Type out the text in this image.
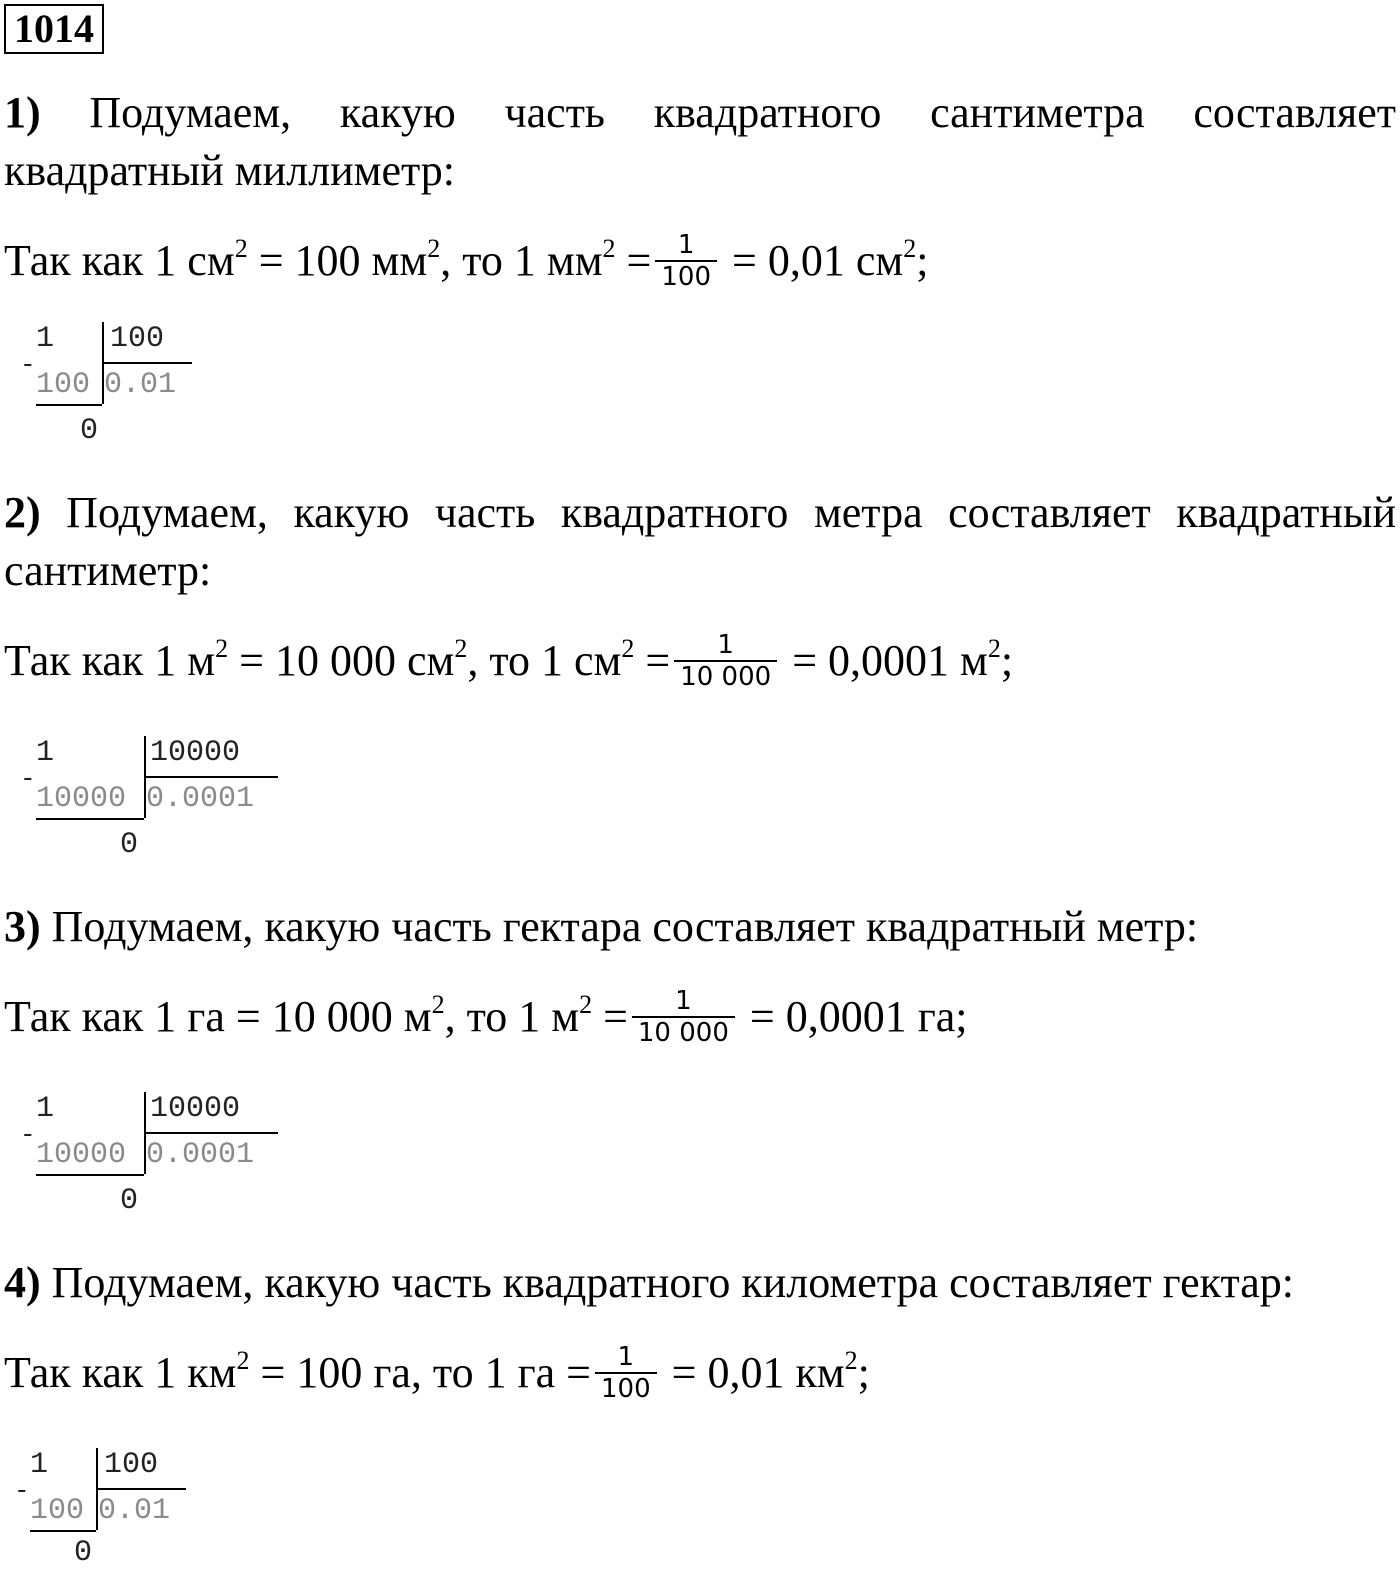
1014
1) Подумаем, какую часть квадратного сантиметра составляет квадратный миллиметр:
Так как 1 $см^2 = 100$ $мм^2$, то 1 $мм^2 = \frac{1}{100} = 0,01$ $см^2$;
1
-
100
100
0.01
0
2) Подумаем, какую часть квадратного метра составляет квадратный сантиметр:
Так как 1 $м^2 = 10$ 000 $см^2$, то 1 $см^2 = \frac{1}{10 000} = 0,0001$ $м^2$;
1
-
10000
10000
0.0001
0
3) Подумаем, какую часть гектара составляет квадратный метр:
Так как 1 га = 10 000 $м^2$, то 1 $м^2 = \frac{1}{10 000} = 0,0001$ га;
1
-
10000
10000
0.0001
0
4) Подумаем, какую часть квадратного километра составляет гектар:
Так как 1 $км^2 = 100$ га, то 1 га = $\frac{1}{100} = 0,01$ $км^2$;
1
-
100
100
0.01
0
